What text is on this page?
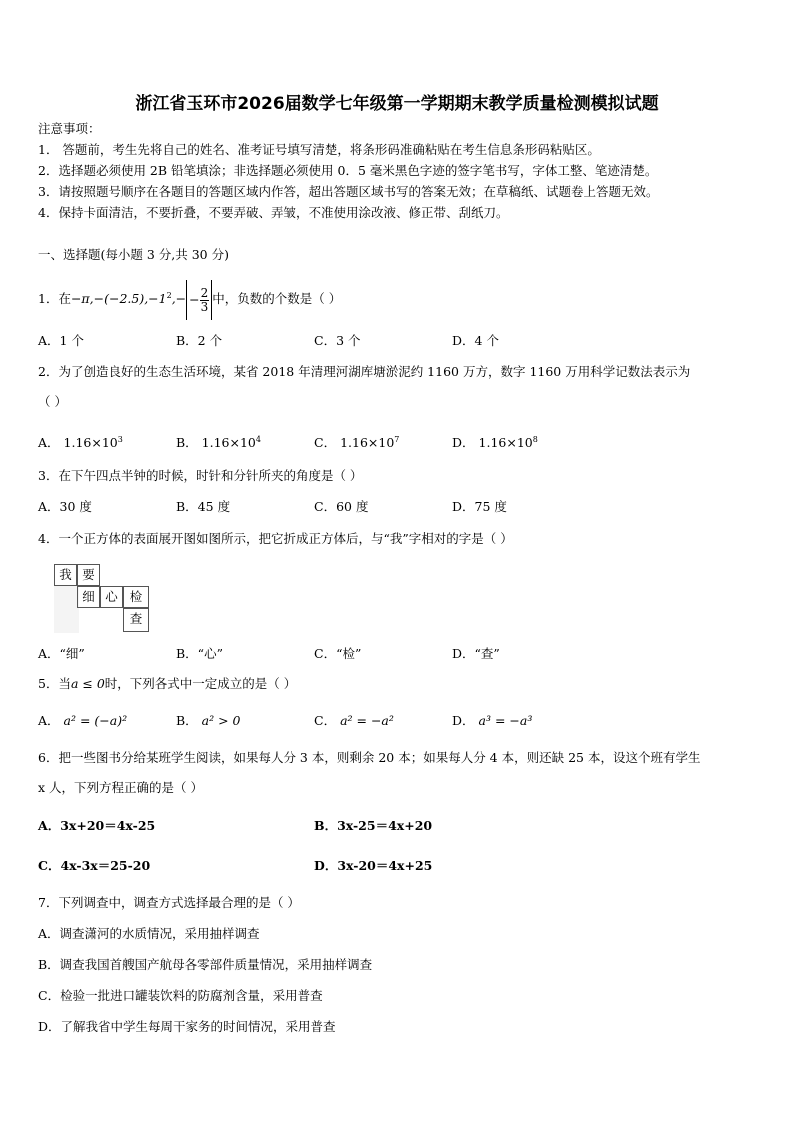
浙江省玉环市2026届数学七年级第一学期期末教学质量检测模拟试题
注意事项：
1． 答题前，考生先将自己的姓名、准考证号填写清楚，将条形码准确粘贴在考生信息条形码粘贴区。
2．选择题必须使用 2B 铅笔填涂；非选择题必须使用 0．5 毫米黑色字迹的签字笔书写，字体工整、笔迹清楚。
3．请按照题号顺序在各题目的答题区域内作答，超出答题区域书写的答案无效；在草稿纸、试题卷上答题无效。
4．保持卡面清洁，不要折叠，不要弄破、弄皱，不准使用涂改液、修正带、刮纸刀。
一、选择题(每小题 3 分,共 30 分)
1．在$-\pi,-(-2.5),-1^2,- - \frac{2}{3}$ 中，负数的个数是（ ）
A．1 个	B．2 个	C．3 个	D．4 个
2．为了创造良好的生态生活环境，某省 2018 年清理河湖库塘淤泥约 1160 万方，数字 1160 万用科学记数法表示为
（ ）
A． $1.16\times 10^3$	B． $1.16\times 10^4$	C． $1.16\times 10^7$	D． $1.16\times 10^8$
3．在下午四点半钟的时候，时针和分针所夹的角度是（ ）
A．30 度	B．45 度	C．60 度	D．75 度
4．一个正方体的表面展开图如图所示，把它折成正方体后，与“我”字相对的字是（ ）
我 要
细 心 检
查
A．“细”	B．“心”	C．“检”	D．“查”
5．当a ≤ 0时，下列各式中一定成立的是（ ）
A． a² = (−a)²	B． a² > 0	C． a² = −a²	D． a³ = −a³
6．把一些图书分给某班学生阅读，如果每人分 3 本，则剩余 20 本；如果每人分 4 本，则还缺 25 本，设这个班有学生
x 人，下列方程正确的是（ ）
A．3x+20＝4x-25	B．3x-25＝4x+20
C．4x-3x＝25-20	D．3x-20＝4x+25
7．下列调查中，调查方式选择最合理的是（ ）
A．调查潇河的水质情况，采用抽样调查
B．调查我国首艘国产航母各零部件质量情况，采用抽样调查
C．检验一批进口罐装饮料的防腐剂含量，采用普查
D．了解我省中学生每周干家务的时间情况，采用普查
